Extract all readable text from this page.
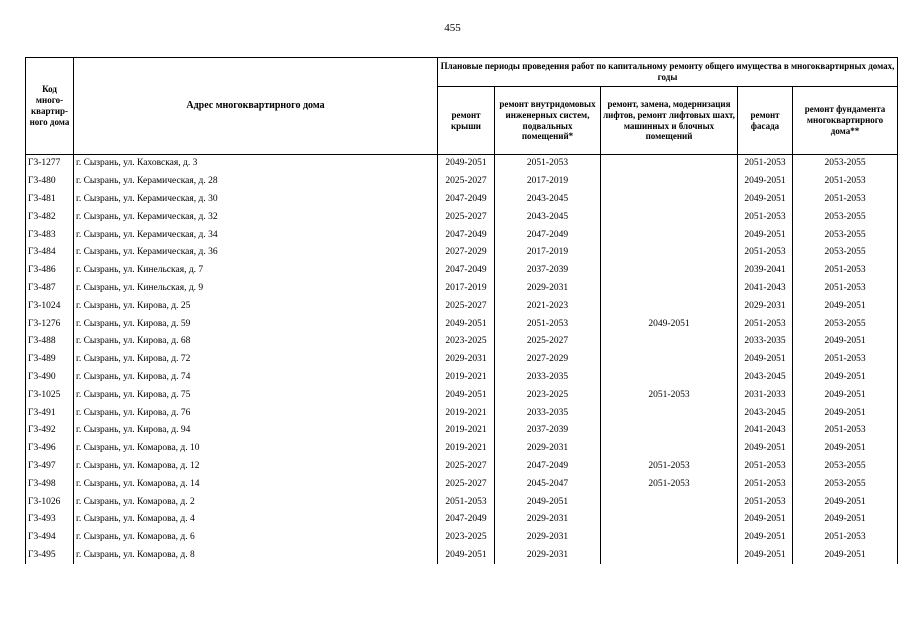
455
Код много-квартир-ного дома	Адрес многоквартирного дома	Плановые периоды проведения работ по капитальному ремонту общего имущества в многоквартирных домах, годы				
		ремонт крыши	ремонт внутридомовых инженерных систем, подвальных помещений*	ремонт, замена, модернизация лифтов, ремонт лифтовых шахт, машинных и блочных помещений	ремонт фасада	ремонт фундамента многоквартирного дома**
Г3-1277	г. Сызрань, ул. Каховская, д. 3	2049-2051	2051-2053		2051-2053	2053-2055
Г3-480	г. Сызрань, ул. Керамическая, д. 28	2025-2027	2017-2019		2049-2051	2051-2053
Г3-481	г. Сызрань, ул. Керамическая, д. 30	2047-2049	2043-2045		2049-2051	2051-2053
Г3-482	г. Сызрань, ул. Керамическая, д. 32	2025-2027	2043-2045		2051-2053	2053-2055
Г3-483	г. Сызрань, ул. Керамическая, д. 34	2047-2049	2047-2049		2049-2051	2053-2055
Г3-484	г. Сызрань, ул. Керамическая, д. 36	2027-2029	2017-2019		2051-2053	2053-2055
Г3-486	г. Сызрань, ул. Кинельская, д. 7	2047-2049	2037-2039		2039-2041	2051-2053
Г3-487	г. Сызрань, ул. Кинельская, д. 9	2017-2019	2029-2031		2041-2043	2051-2053
Г3-1024	г. Сызрань, ул. Кирова, д. 25	2025-2027	2021-2023		2029-2031	2049-2051
Г3-1276	г. Сызрань, ул. Кирова, д. 59	2049-2051	2051-2053	2049-2051	2051-2053	2053-2055
Г3-488	г. Сызрань, ул. Кирова, д. 68	2023-2025	2025-2027		2033-2035	2049-2051
Г3-489	г. Сызрань, ул. Кирова, д. 72	2029-2031	2027-2029		2049-2051	2051-2053
Г3-490	г. Сызрань, ул. Кирова, д. 74	2019-2021	2033-2035		2043-2045	2049-2051
Г3-1025	г. Сызрань, ул. Кирова, д. 75	2049-2051	2023-2025	2051-2053	2031-2033	2049-2051
Г3-491	г. Сызрань, ул. Кирова, д. 76	2019-2021	2033-2035		2043-2045	2049-2051
Г3-492	г. Сызрань, ул. Кирова, д. 94	2019-2021	2037-2039		2041-2043	2051-2053
Г3-496	г. Сызрань, ул. Комарова, д. 10	2019-2021	2029-2031		2049-2051	2049-2051
Г3-497	г. Сызрань, ул. Комарова, д. 12	2025-2027	2047-2049	2051-2053	2051-2053	2053-2055
Г3-498	г. Сызрань, ул. Комарова, д. 14	2025-2027	2045-2047	2051-2053	2051-2053	2053-2055
Г3-1026	г. Сызрань, ул. Комарова, д. 2	2051-2053	2049-2051		2051-2053	2049-2051
Г3-493	г. Сызрань, ул. Комарова, д. 4	2047-2049	2029-2031		2049-2051	2049-2051
Г3-494	г. Сызрань, ул. Комарова, д. 6	2023-2025	2029-2031		2049-2051	2051-2053
Г3-495	г. Сызрань, ул. Комарова, д. 8	2049-2051	2029-2031		2049-2051	2049-2051
